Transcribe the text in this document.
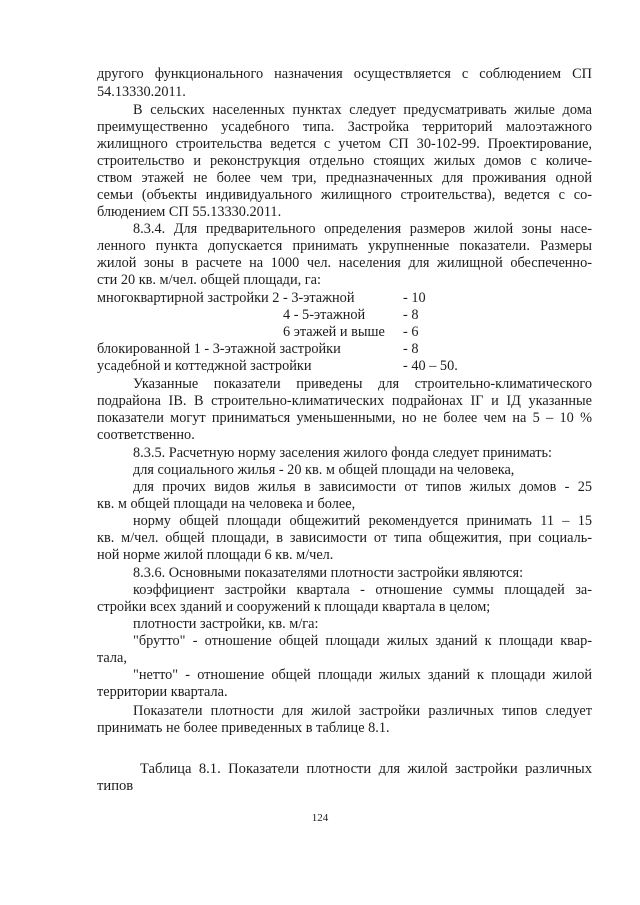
другого функционального назначения осуществляется с соблюдением СП
54.13330.2011.
В сельских населенных пунктах следует предусматривать жилые дома
преимущественно усадебного типа. Застройка территорий малоэтажного
жилищного строительства ведется с учетом СП 30-102-99. Проектирование,
строительство и реконструкция отдельно стоящих жилых домов с количе-
ством этажей не более чем три, предназначенных для проживания одной
семьи (объекты индивидуального жилищного строительства), ведется с со-
блюдением СП 55.13330.2011.
8.3.4. Для предварительного определения размеров жилой зоны насе-
ленного пункта допускается принимать укрупненные показатели. Размеры
жилой зоны в расчете на 1000 чел. населения для жилищной обеспеченно-
сти 20 кв. м/чел. общей площади, га:
многоквартирной застройки 2 - 3-этажной	- 10
4 - 5-этажной	- 8
6 этажей и выше	- 6
блокированной 1 - 3-этажной застройки	- 8
усадебной и коттеджной застройки	- 40 – 50.
Указанные показатели приведены для строительно-климатического
подрайона IВ. В строительно-климатических подрайонах IГ и IД указанные
показатели могут приниматься уменьшенными, но не более чем на 5 – 10 %
соответственно.
8.3.5. Расчетную норму заселения жилого фонда следует принимать:
для социального жилья - 20 кв. м общей площади на человека,
для прочих видов жилья в зависимости от типов жилых домов - 25
кв. м общей площади на человека и более,
норму общей площади общежитий рекомендуется принимать 11 – 15
кв. м/чел. общей площади, в зависимости от типа общежития, при социаль-
ной норме жилой площади 6 кв. м/чел.
8.3.6. Основными показателями плотности застройки являются:
коэффициент застройки квартала - отношение суммы площадей за-
стройки всех зданий и сооружений к площади квартала в целом;
плотности застройки, кв. м/га:
"брутто" - отношение общей площади жилых зданий к площади квар-
тала,
"нетто" - отношение общей площади жилых зданий к площади жилой
территории квартала.
Показатели плотности для жилой застройки различных типов следует
принимать не более приведенных в таблице 8.1.
Таблица 8.1. Показатели плотности для жилой застройки различных
типов
124
